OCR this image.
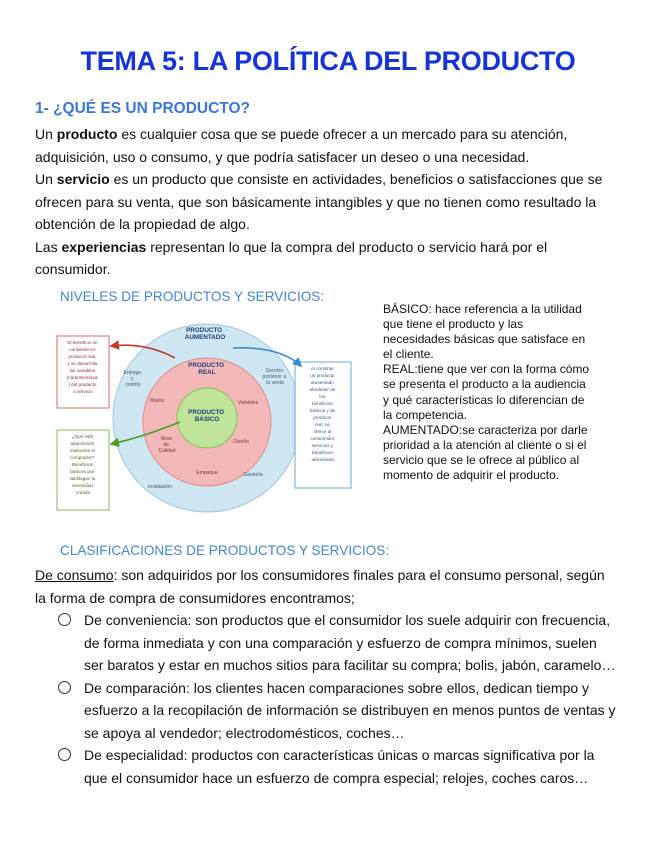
TEMA 5: LA POLÍTICA DEL PRODUCTO
1- ¿QUÉ ES UN PRODUCTO?
Un producto es cualquier cosa que se puede ofrecer a un mercado para su atención,
adquisición, uso o consumo, y que podría satisfacer un deseo o una necesidad.
Un servicio es un producto que consiste en actividades, beneficios o satisfacciones que se
ofrecen para su venta, que son básicamente intangibles y que no tienen como resultado la
obtención de la propiedad de algo.
Las experiencias representan lo que la compra del producto o servicio hará por el
consumidor.

NIVELES DE PRODUCTOS Y SERVICIOS:

PRODUCTO AUMENTADO
PRODUCTO REAL
PRODUCTO BÁSICO
Entrega y crédito
Servicio posterior a la venta
Instalación
Garantía
Marca	Variables
Diseño
Empaque
Nivel de Calidad
El beneficio se consiente en producto real, y se desarrolla las variables (características ) del producto o servicio
¿Qué está adquiriendo realmente el comprador? Beneficios básicos que satisfagan la necesidad creada
Al construir un producto aumentado alrededor de los beneficios básicos y de producto real, se ofrece al consumidor servicios y beneficios adicionales
BÁSICO: hace referencia a la utilidad
que tiene el producto y las
necesidades básicas que satisface en
el cliente.
REAL:tiene que ver con la forma cómo
se presenta el producto a la audiencia
y qué características lo diferencian de
la competencia.
AUMENTADO:se caracteriza por darle
prioridad a la atención al cliente o si el
servicio que se le ofrece al público al
momento de adquirir el producto.

CLASIFICACIONES DE PRODUCTOS Y SERVICIOS:

De consumo: son adquiridos por los consumidores finales para el consumo personal, según
la forma de compra de consumidores encontramos;
De conveniencia: son productos que el consumidor los suele adquirir con frecuencia,
de forma inmediata y con una comparación y esfuerzo de compra mínimos, suelen
ser baratos y estar en muchos sitios para facilitar su compra; bolis, jabón, caramelo…
De comparación: los clientes hacen comparaciones sobre ellos, dedican tiempo y
esfuerzo a la recopilación de información se distribuyen en menos puntos de ventas y
se apoya al vendedor; electrodomésticos, coches…
De especialidad: productos con características únicas o marcas significativa por la
que el consumidor hace un esfuerzo de compra especial; relojes, coches caros…
